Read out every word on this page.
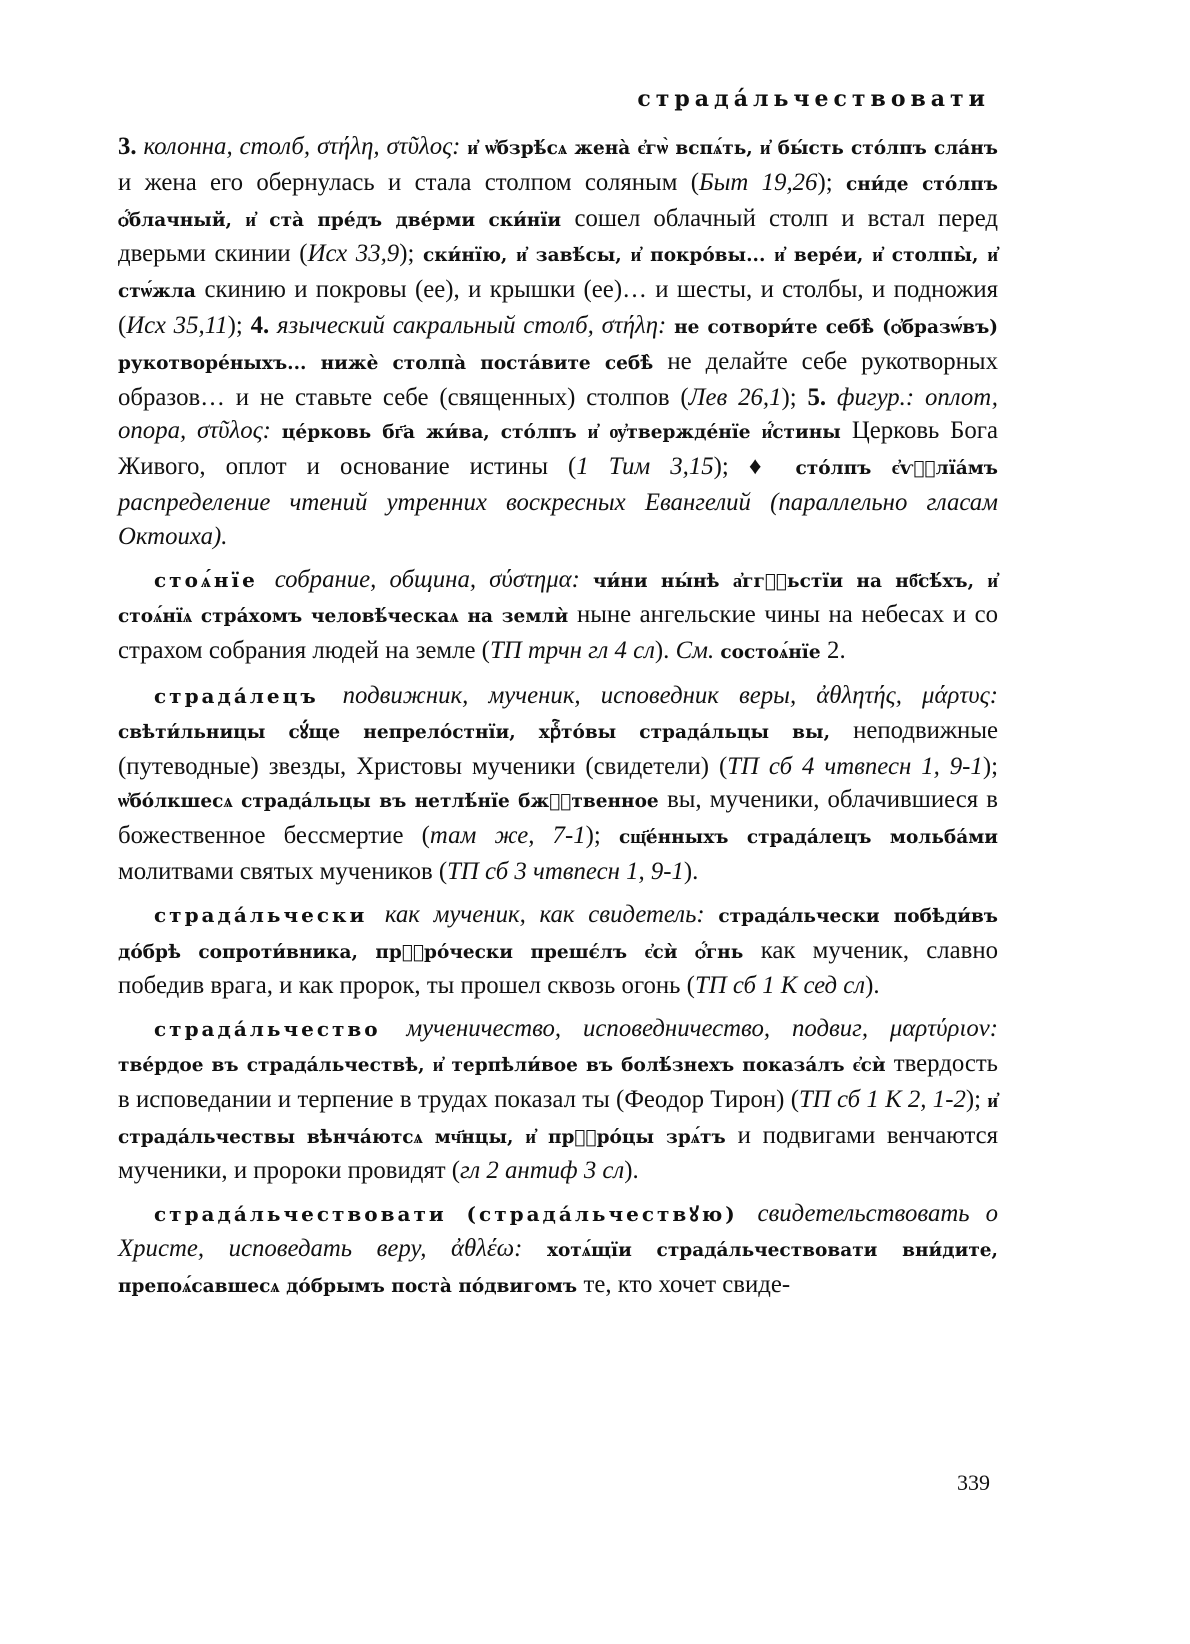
страда́льчествовати

3. колонна, столб, στήλη, στῦλος: и҆ ѡ҆бзрѣ́сѧ жена̀ є҆гѡ̀ вспѧ́ть, и҆ бы́сть сто́лпъ сла́нъ и жена его обернулась и стала столпом соляным (Быт 19,26); сни́де сто́лпъ ѻ҆́блачный, и҆ ста̀ пре́дъ две́рми ски́нїи сошел облачный столп и встал перед дверьми скинии (Исх 33,9); ски́нїю, и҆ завѣ́сы, и҆ покро́вы... и҆ вере́и, и҆ столпы̀, и҆ стѡ́жла скинию и покровы (ее), и крышки (ее)… и шесты, и столбы, и подножия (Исх 35,11); 4. языческий сакральный столб, στήλη: не сотвори́те себѣ̀ (ѻ҆бразѡ́въ) рукотворе́ныхъ... нижѐ столпа̀ поста́вите себѣ̀ не делайте себе рукотворных образов… и не ставьте себе (священных) столпов (Лев 26,1); 5. фигур.: оплот, опора, στῦλος: це́рковь бг҃а жи́ва, сто́лпъ и҆ ѹ҆твержде́нїе и҆́стины Церковь Бога Живого, оплот и основание истины (1 Тим 3,15); ♦ сто́лпъ є҆ѵⷢ҇лїа́мъ распределение чтений утренних воскресных Евангелий (параллельно гласам Октоиха).

стоѧ́нїе собрание, община, σύστημα: чи́ни ны́нѣ а҆ггⷧ҇ьстїи на нб҃сѣ́хъ, и҆ стоѧ́нїѧ стра́хомъ человѣ́ческаѧ на землѝ ныне ангельские чины на небесах и со страхом собрания людей на земле (ТП трчн гл 4 сл). См. состоѧ́нїе 2.

страда́лецъ подвижник, мученик, исповедник веры, ἀθλητής, μάρτυς: свѣти́льницы сꙋ́ще непрело́стнїи, хрⷭ҇то́вы страда́льцы вы, неподвижные (путеводные) звезды, Христовы мученики (свидетели) (ТП сб 4 чтвпесн 1, 9-1); ѡ҆бо́лкшесѧ страда́льцы въ нетлѣ́нїе бжⷭ҇твенное вы, мученики, облачившиеся в божественное бессмертие (там же, 7-1); сщ҃е́нныхъ страда́лецъ мольба́ми молитвами святых мучеников (ТП сб 3 чтвпесн 1, 9-1).

страда́льчески как мученик, как свидетель: страда́льчески побѣди́въ до́брѣ сопроти́вника, прⷪ҇ро́чески прешє́лъ є҆сѝ ѻ҆́гнь как мученик, славно победив врага, и как пророк, ты прошел сквозь огонь (ТП сб 1 К сед сл).

страда́льчество мученичество, исповедничество, подвиг, μαρτύριον: тве́рдое въ страда́льчествѣ, и҆ терпѣли́вое въ болѣ́знехъ показа́лъ є҆сѝ твердость в исповедании и терпение в трудах показал ты (Феодор Тирон) (ТП сб 1 К 2, 1-2); и҆ страда́льчествы вѣнча́ютсѧ мч҃нцы, и҆ прⷪ҇ро́цы зрѧ́тъ и подвигами венчаются мученики, и пророки провидят (гл 2 антиф 3 сл).

страда́льчествовати (страда́льчествꙋю) свидетельствовать о Христе, исповедать веру, ἀθλέω: хотѧ́щїи страда́льчествовати вни́дите, препоѧ́савшесѧ до́брымъ поста̀ по́двигомъ те, кто хочет свиде-

339
